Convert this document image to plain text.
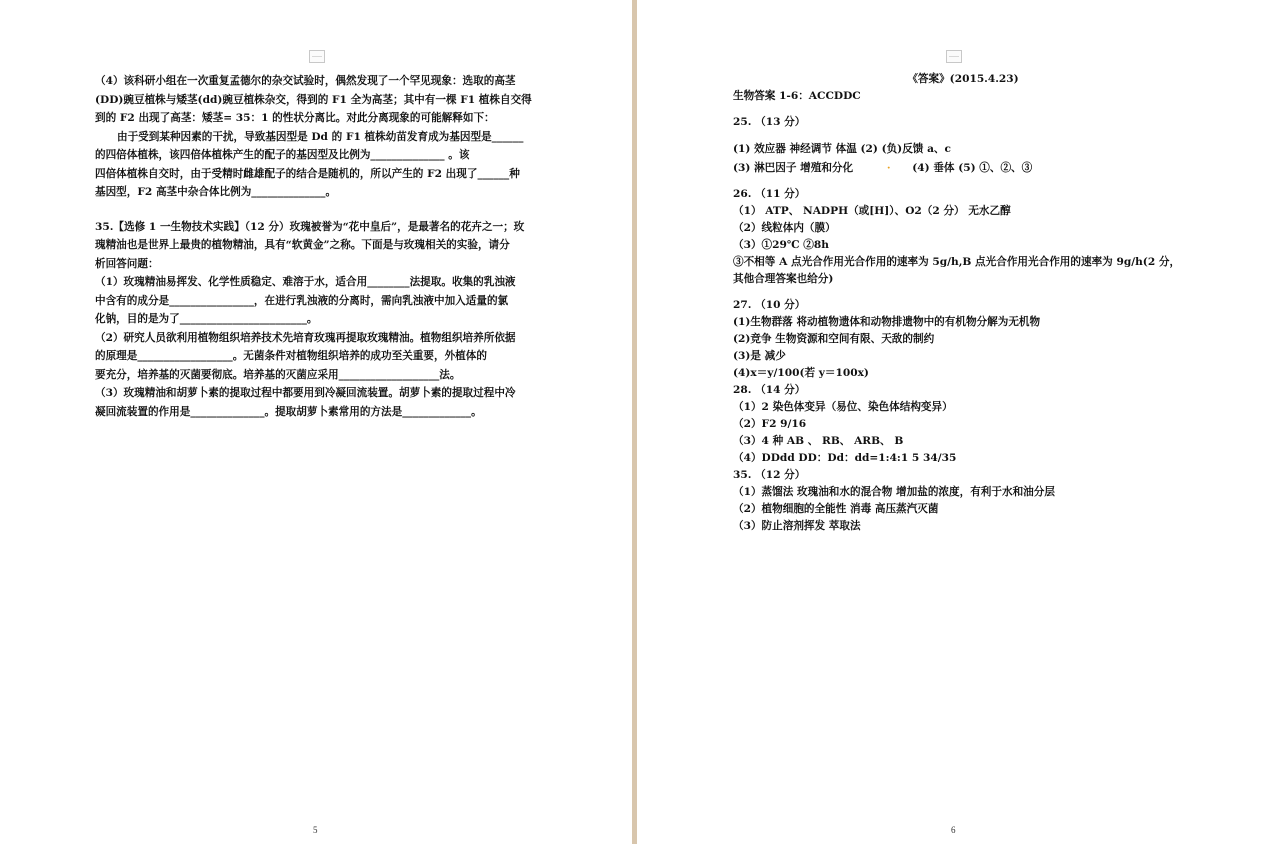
（4）该科研小组在一次重复孟德尔的杂交试验时，偶然发现了一个罕见现象：选取的高茎
(DD)豌豆植株与矮茎(dd)豌豆植株杂交，得到的 F1 全为高茎；其中有一棵 F1 植株自交得
到的 F2 出现了高茎：矮茎= 35：1 的性状分离比。对此分离现象的可能解释如下：
由于受到某种因素的干扰，导致基因型是 Dd 的 F1 植株幼苗发育成为基因型是______
的四倍体植株，该四倍体植株产生的配子的基因型及比例为______________ 。该
四倍体植株自交时，由于受精时雌雄配子的结合是随机的，所以产生的 F2 出现了______种
基因型，F2 高茎中杂合体比例为______________。
35.【选修 1 一生物技术实践】（12 分）玫瑰被誉为“花中皇后”，是最著名的花卉之一；玫
瑰精油也是世界上最贵的植物精油，具有“软黄金”之称。下面是与玫瑰相关的实验，请分
析回答问题：
（1）玫瑰精油易挥发、化学性质稳定、难溶于水，适合用________法提取。收集的乳浊液
中含有的成分是________________，在进行乳浊液的分离时，需向乳浊液中加入适量的氯
化钠，目的是为了________________________。
（2）研究人员欲利用植物组织培养技术先培育玫瑰再提取玫瑰精油。植物组织培养所依据
的原理是__________________。无菌条件对植物组织培养的成功至关重要，外植体的
要充分，培养基的灭菌要彻底。培养基的灭菌应采用___________________法。
（3）玫瑰精油和胡萝卜素的提取过程中都要用到冷凝回流装置。胡萝卜素的提取过程中冷
凝回流装置的作用是______________。提取胡萝卜素常用的方法是_____________。
5
《答案》(2015.4.23)
生物答案 1-6：ACCDDC
25. （13 分）
(1) 效应器 神经调节 体温 (2) (负)反馈 a、c
(3) 淋巴因子 增殖和分化	· (4) 垂体 (5) ①、②、③
26. （11 分）
（1） ATP、 NADPH（或[H]）、O2（2 分） 无水乙醇
（2）线粒体内（膜）
（3）①29℃ ②8h
③不相等 A 点光合作用光合作用的速率为 5g/h,B 点光合作用光合作用的速率为 9g/h(2 分，
其他合理答案也给分)
27. （10 分）
(1)生物群落 将动植物遗体和动物排遗物中的有机物分解为无机物
(2)竞争 生物资源和空间有限、天敌的制约
(3)是 减少
(4)x＝y/100(若 y＝100x)
28. （14 分）
（1）2 染色体变异（易位、染色体结构变异）
（2）F2 9/16
（3）4 种 AB 、 RB、 ARB、 B
（4）DDdd DD：Dd：dd=1:4:1 5 34/35
35. （12 分）
（1）蒸馏法 玫瑰油和水的混合物 增加盐的浓度，有利于水和油分层
（2）植物细胞的全能性 消毒 高压蒸汽灭菌
（3）防止溶剂挥发 萃取法
6
